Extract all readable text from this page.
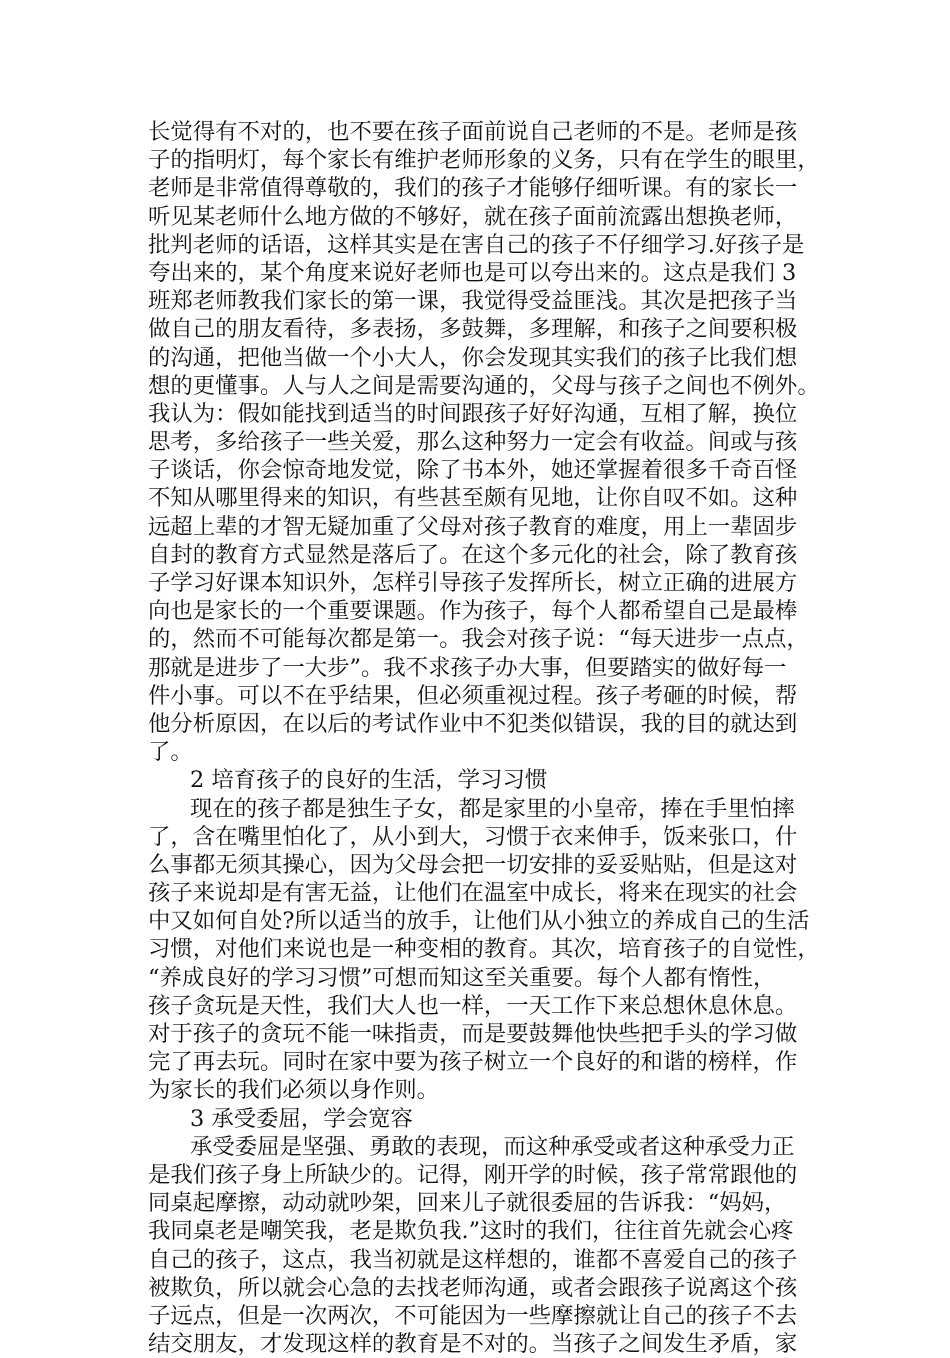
长觉得有不对的，也不要在孩子面前说自己老师的不是。老师是孩
子的指明灯，每个家长有维护老师形象的义务，只有在学生的眼里，
老师是非常值得尊敬的，我们的孩子才能够仔细听课。有的家长一
听见某老师什么地方做的不够好，就在孩子面前流露出想换老师，
批判老师的话语，这样其实是在害自己的孩子不仔细学习.好孩子是
夸出来的，某个角度来说好老师也是可以夸出来的。这点是我们 3
班郑老师教我们家长的第一课，我觉得受益匪浅。其次是把孩子当
做自己的朋友看待，多表扬，多鼓舞，多理解，和孩子之间要积极
的沟通，把他当做一个小大人，你会发现其实我们的孩子比我们想
想的更懂事。人与人之间是需要沟通的，父母与孩子之间也不例外。
我认为：假如能找到适当的时间跟孩子好好沟通，互相了解，换位
思考，多给孩子一些关爱，那么这种努力一定会有收益。间或与孩
子谈话，你会惊奇地发觉，除了书本外，她还掌握着很多千奇百怪
不知从哪里得来的知识，有些甚至颇有见地，让你自叹不如。这种
远超上辈的才智无疑加重了父母对孩子教育的难度，用上一辈固步
自封的教育方式显然是落后了。在这个多元化的社会，除了教育孩
子学习好课本知识外，怎样引导孩子发挥所长，树立正确的进展方
向也是家长的一个重要课题。作为孩子，每个人都希望自己是最棒
的，然而不可能每次都是第一。我会对孩子说：“每天进步一点点，
那就是进步了一大步”。我不求孩子办大事，但要踏实的做好每一
件小事。可以不在乎结果，但必须重视过程。孩子考砸的时候，帮
他分析原因，在以后的考试作业中不犯类似错误，我的目的就达到
了。
2 培育孩子的良好的生活，学习习惯
现在的孩子都是独生子女，都是家里的小皇帝，捧在手里怕摔
了，含在嘴里怕化了，从小到大，习惯于衣来伸手，饭来张口，什
么事都无须其操心，因为父母会把一切安排的妥妥贴贴，但是这对
孩子来说却是有害无益，让他们在温室中成长，将来在现实的社会
中又如何自处?所以适当的放手，让他们从小独立的养成自己的生活
习惯，对他们来说也是一种变相的教育。其次，培育孩子的自觉性，
“养成良好的学习习惯”可想而知这至关重要。每个人都有惰性，
孩子贪玩是天性，我们大人也一样，一天工作下来总想休息休息。
对于孩子的贪玩不能一味指责，而是要鼓舞他快些把手头的学习做
完了再去玩。同时在家中要为孩子树立一个良好的和谐的榜样，作
为家长的我们必须以身作则。
3 承受委屈，学会宽容
承受委屈是坚强、勇敢的表现，而这种承受或者这种承受力正
是我们孩子身上所缺少的。记得，刚开学的时候，孩子常常跟他的
同桌起摩擦，动动就吵架，回来儿子就很委屈的告诉我：“妈妈，
我同桌老是嘲笑我，老是欺负我.”这时的我们，往往首先就会心疼
自己的孩子，这点，我当初就是这样想的，谁都不喜爱自己的孩子
被欺负，所以就会心急的去找老师沟通，或者会跟孩子说离这个孩
子远点，但是一次两次，不可能因为一些摩擦就让自己的孩子不去
结交朋友，才发现这样的教育是不对的。当孩子之间发生矛盾，家
